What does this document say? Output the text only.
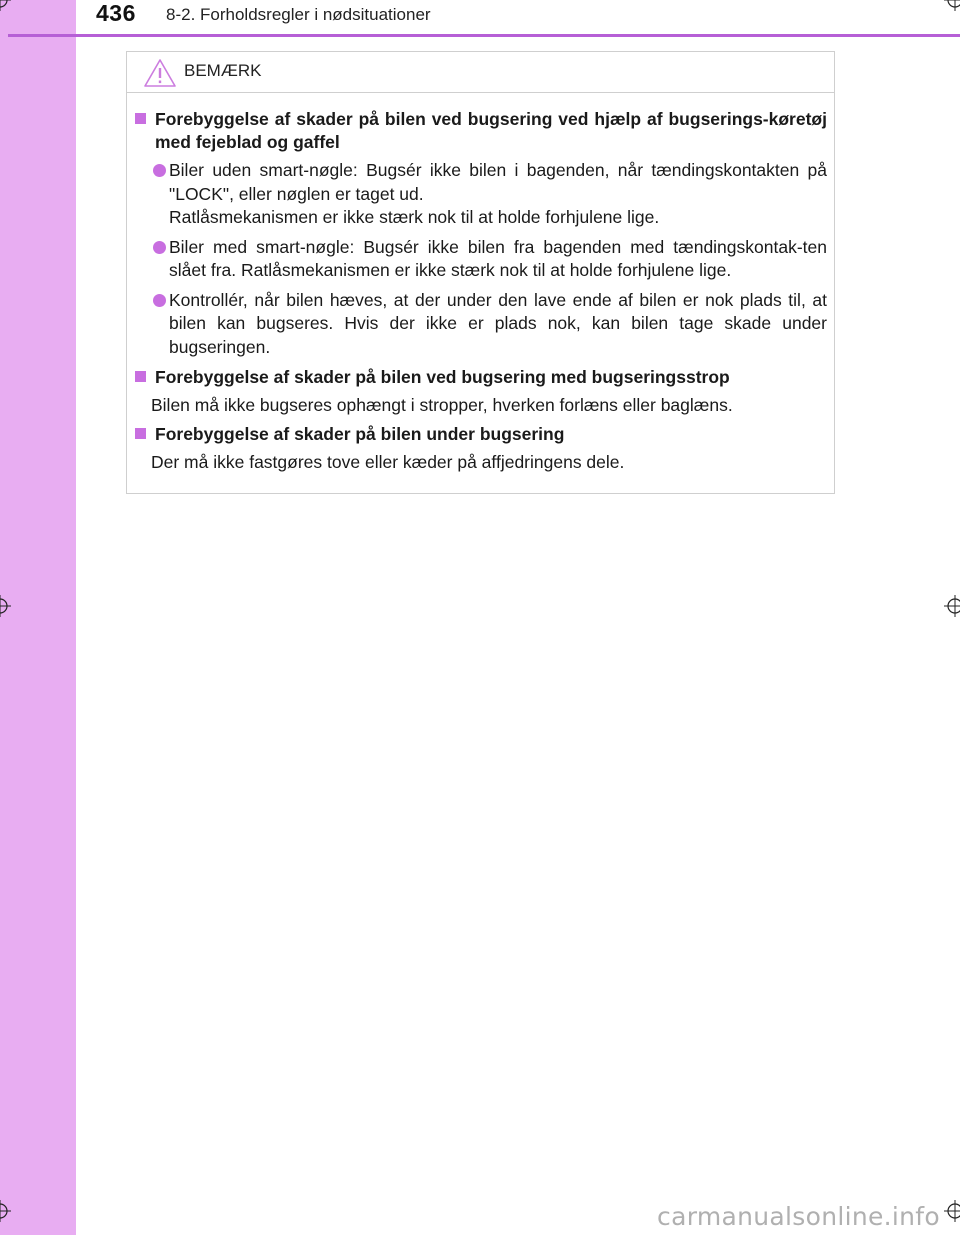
436 8-2. Forholdsregler i nødsituationer
BEMÆRK
Forebyggelse af skader på bilen ved bugsering ved hjælp af bugserings-køretøj med fejeblad og gaffel
Biler uden smart-nøgle: Bugsér ikke bilen i bagenden, når tændingskontakten på "LOCK", eller nøglen er taget ud.
Ratlåsmekanismen er ikke stærk nok til at holde forhjulene lige.
Biler med smart-nøgle: Bugsér ikke bilen fra bagenden med tændingskontak-ten slået fra. Ratlåsmekanismen er ikke stærk nok til at holde forhjulene lige.
Kontrollér, når bilen hæves, at der under den lave ende af bilen er nok plads til, at bilen kan bugseres. Hvis der ikke er plads nok, kan bilen tage skade under bugseringen.
Forebyggelse af skader på bilen ved bugsering med bugseringsstrop
Bilen må ikke bugseres ophængt i stropper, hverken forlæns eller baglæns.
Forebyggelse af skader på bilen under bugsering
Der må ikke fastgøres tove eller kæder på affjedringens dele.
carmanualsonline.info
